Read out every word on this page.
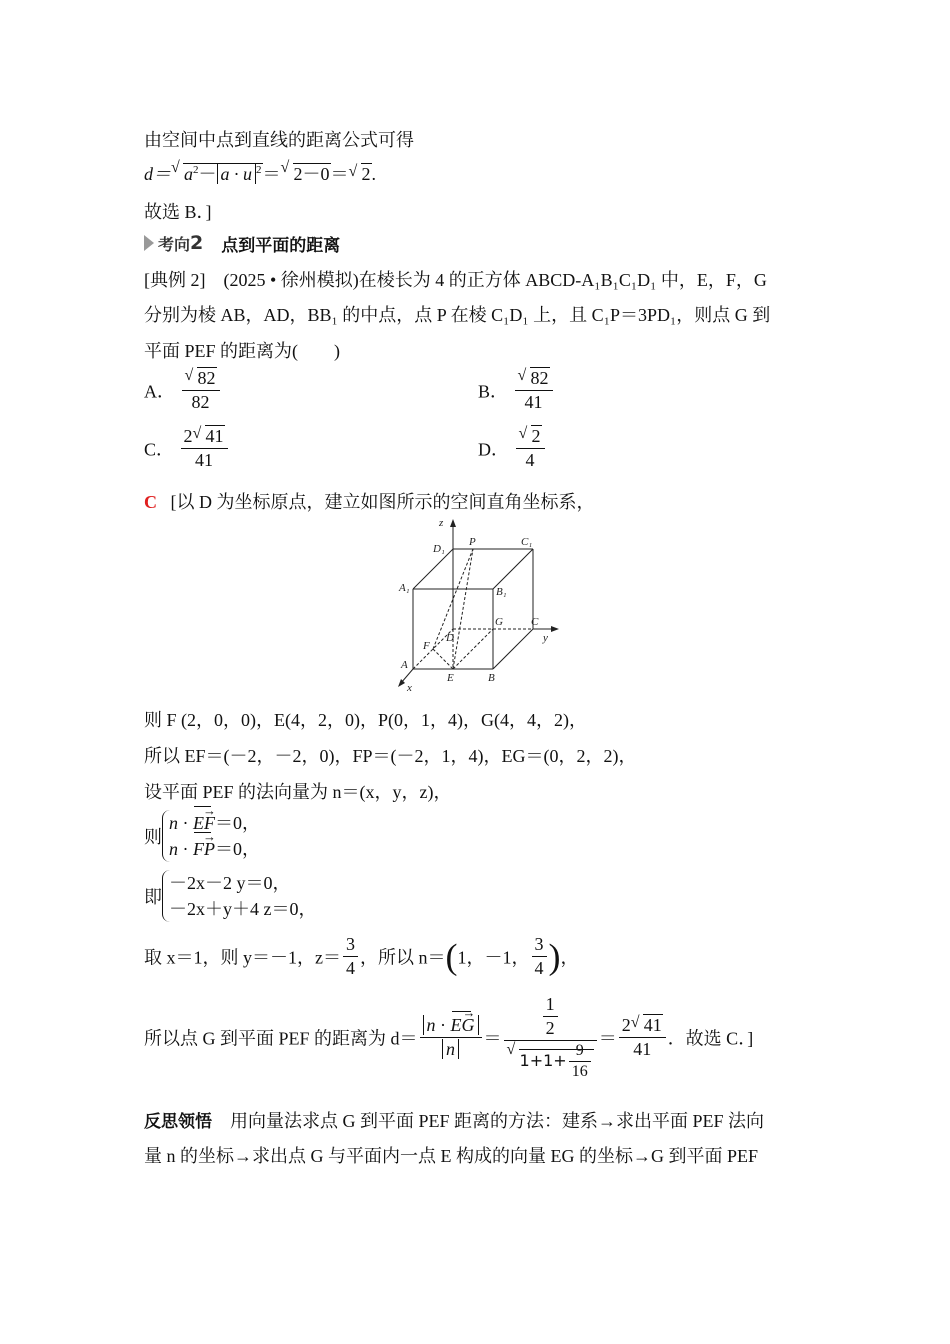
由空间中点到直线的距离公式可得
d＝ √ $a^2- a \cdot u$ $^2$＝ √ 2－0＝ √ 2.
故选 B．]
考向 2 点到平面的距离
[典例 2] (2025 • 徐州模拟)在棱长为 4 的正方体 ABCD-A₁B₁C₁D₁ 中，E，F，G
分别为棱 AB，AD，BB₁ 的中点，点 P 在棱 C₁D₁ 上，且 C₁P＝3PD₁，则点 G 到
平面 PEF 的距离为(　　)
A． $\frac{√ 82}{82}$	B． $\frac{√ 82}{41}$
C． $\frac{2 √ 41}{41}$	D． $\frac{√ 2}{4}$
C [以 D 为坐标原点，建立如图所示的空间直角坐标系，
z
D₁
P	C₁
A₁	B₁
G	C
y
F
D
A
E	B
x
则 F (2，0，0)，E(4，2，0)，P(0，1，4)，G(4，4，2)，
所以 EF＝(－2，－2，0)，FP＝(－2，1，4)，EG＝(0，2，2)，
设平面 PEF 的法向量为 n＝(x，y，z)，
则
n · → EF＝0，
n · → FP＝0，
即
－2x－2 y＝0，
－2x＋y＋4 z＝0，
取 x＝1，则 y＝－1，$z= \frac{3}{4}$ ，所以 n＝(1，－1， $\frac{3}{4}$ )，
所以点 G 到平面 PEF 的距离为 $d= \frac{n \cdot \to EG}{n} = \frac{1}{2}$
√
$1+1+ \frac{9}{16} = \frac{2 √ 41}{41}$ ．故选 C．]
反思领悟 用向量法求点 G 到平面 PEF 距离的方法：建系→求出平面 PEF 法向
量 n 的坐标→求出点 G 与平面内一点 E 构成的向量 EG 的坐标→G 到平面 PEF
